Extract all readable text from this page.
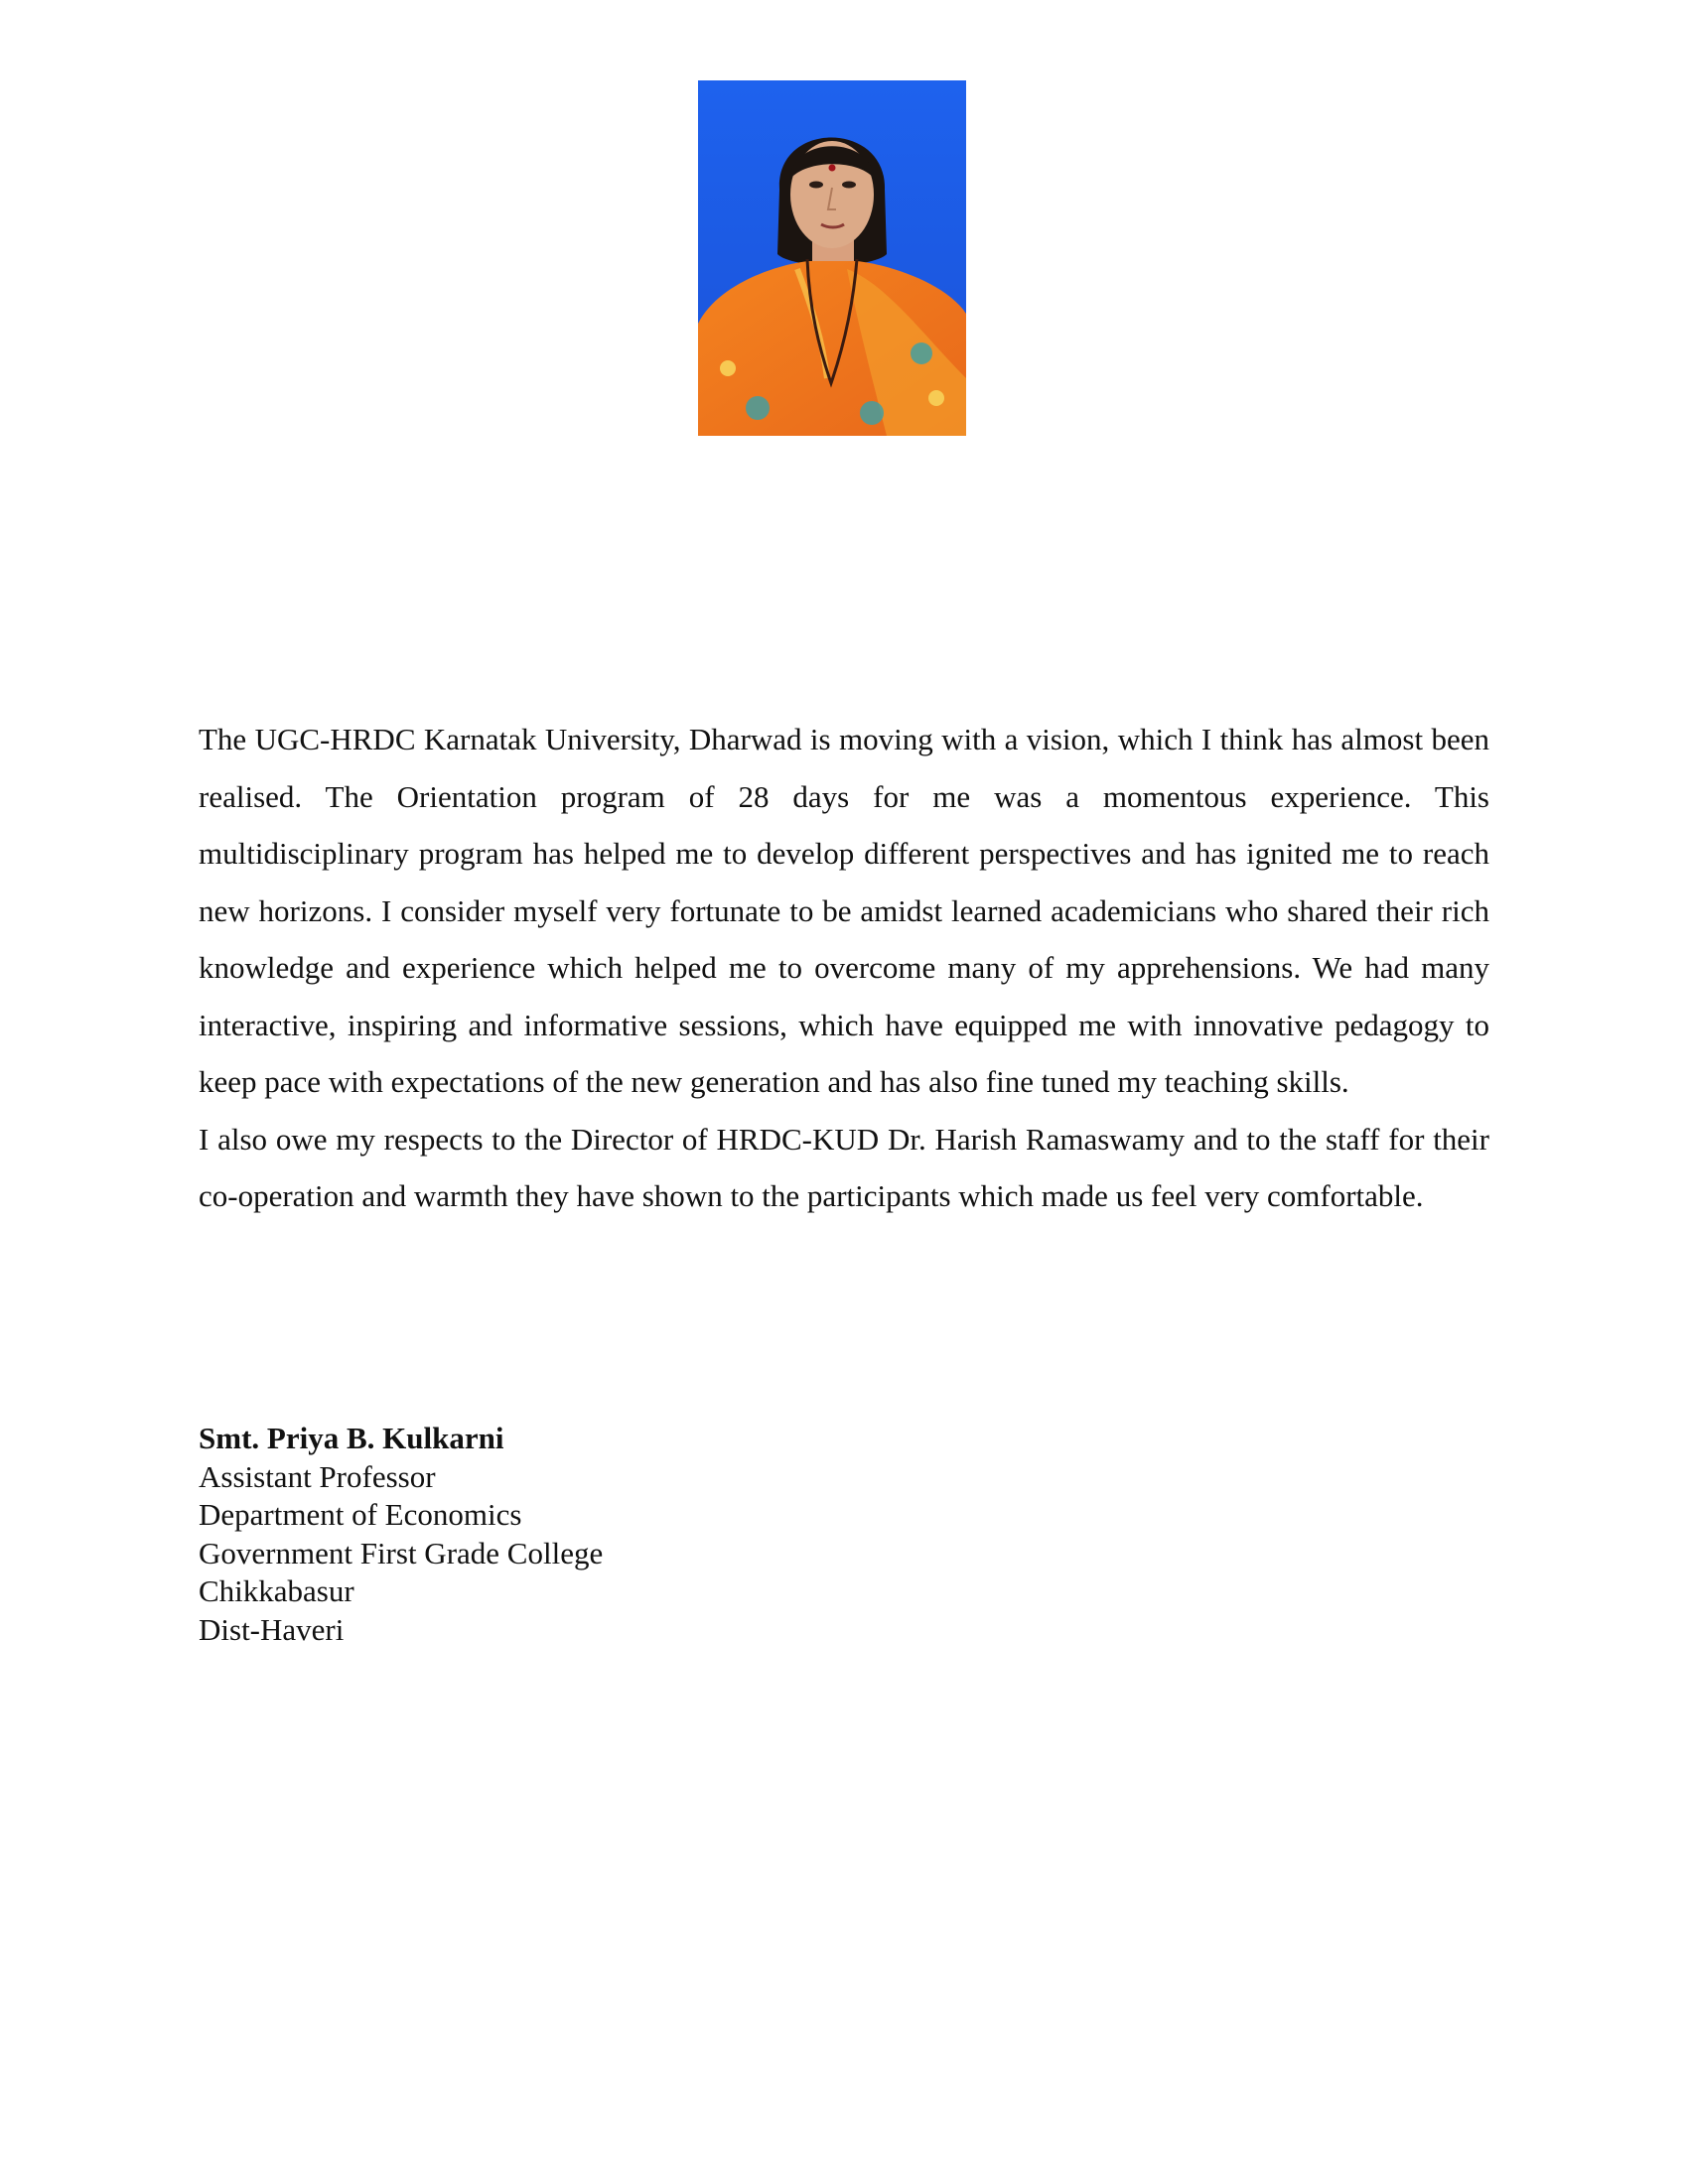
The UGC-HRDC Karnatak University, Dharwad is moving with a vision, which I think has almost been realised. The Orientation program of 28 days for me was a momentous experience. This multidisciplinary program has helped me to develop different perspectives and has ignited me to reach new horizons. I consider myself very fortunate to be amidst learned academicians who shared their rich knowledge and experience which helped me to overcome many of my apprehensions. We had many interactive, inspiring and informative sessions, which have equipped me with innovative pedagogy to keep pace with expectations of the new generation and has also fine tuned my teaching skills.

I also owe my respects to the Director of HRDC-KUD Dr. Harish Ramaswamy and to the staff for their co-operation and warmth they have shown to the participants which made us feel very comfortable.

Smt. Priya B. Kulkarni
Assistant Professor
Department of Economics
Government First Grade College
Chikkabasur
Dist-Haveri
